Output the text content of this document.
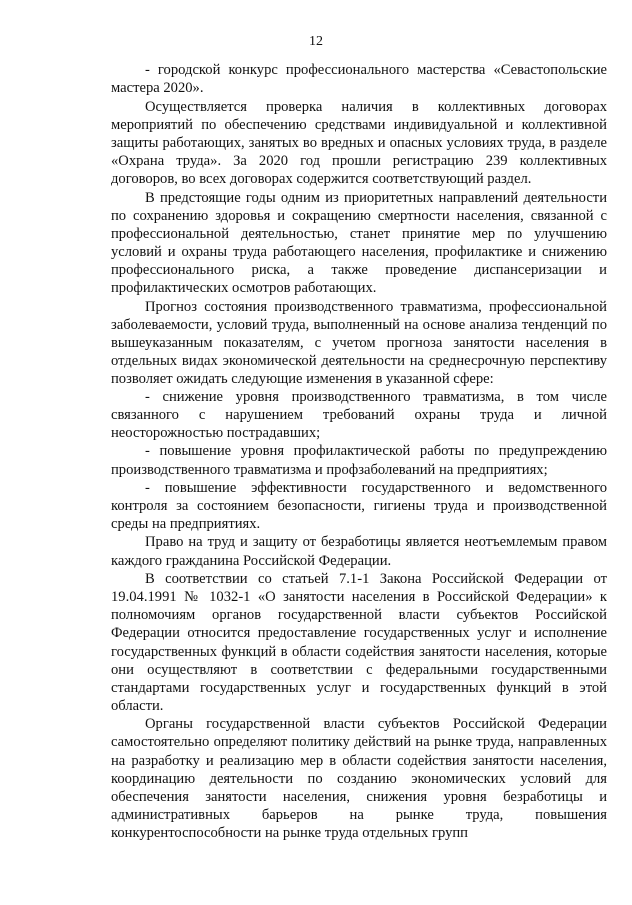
12

- городской конкурс профессионального мастерства «Севастопольские мастера 2020».

Осуществляется проверка наличия в коллективных договорах мероприятий по обеспечению средствами индивидуальной и коллективной защиты работающих, занятых во вредных и опасных условиях труда, в разделе «Охрана труда». За 2020 год прошли регистрацию 239 коллективных договоров, во всех договорах содержится соответствующий раздел.

В предстоящие годы одним из приоритетных направлений деятельности по сохранению здоровья и сокращению смертности населения, связанной с профессиональной деятельностью, станет принятие мер по улучшению условий и охраны труда работающего населения, профилактике и снижению профессионального риска, а также проведение диспансеризации и профилактических осмотров работающих.

Прогноз состояния производственного травматизма, профессиональной заболеваемости, условий труда, выполненный на основе анализа тенденций по вышеуказанным показателям, с учетом прогноза занятости населения в отдельных видах экономической деятельности на среднесрочную перспективу позволяет ожидать следующие изменения в указанной сфере:

- снижение уровня производственного травматизма, в том числе связанного с нарушением требований охраны труда и личной неосторожностью пострадавших;

- повышение уровня профилактической работы по предупреждению производственного травматизма и профзаболеваний на предприятиях;

- повышение эффективности государственного и ведомственного контроля за состоянием безопасности, гигиены труда и производственной среды на предприятиях.

Право на труд и защиту от безработицы является неотъемлемым правом каждого гражданина Российской Федерации.

В соответствии со статьей 7.1-1 Закона Российской Федерации от 19.04.1991 № 1032-1 «О занятости населения в Российской Федерации» к полномочиям органов государственной власти субъектов Российской Федерации относится предоставление государственных услуг и исполнение государственных функций в области содействия занятости населения, которые они осуществляют в соответствии с федеральными государственными стандартами государственных услуг и государственных функций в этой области.

Органы государственной власти субъектов Российской Федерации самостоятельно определяют политику действий на рынке труда, направленных на разработку и реализацию мер в области содействия занятости населения, координацию деятельности по созданию экономических условий для обеспечения занятости населения, снижения уровня безработицы и административных барьеров на рынке труда, повышения конкурентоспособности на рынке труда отдельных групп
